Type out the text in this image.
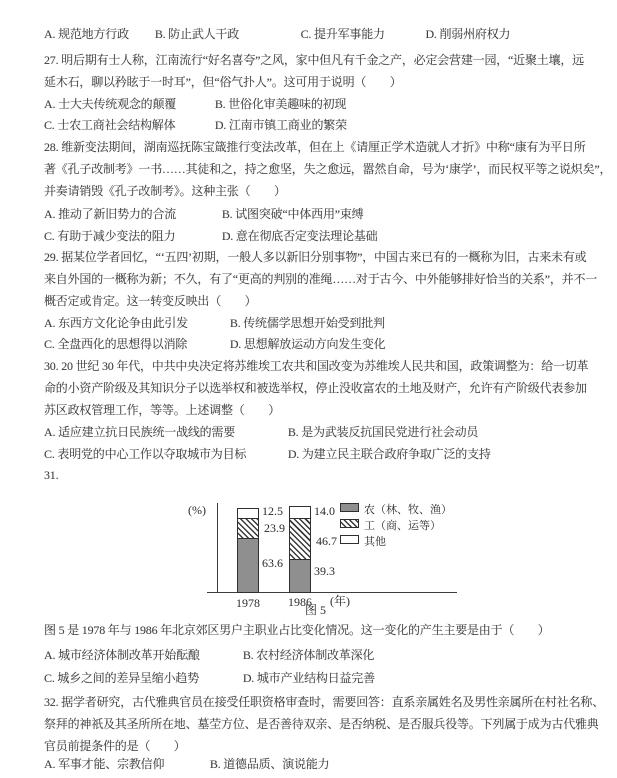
A. 规范地方行政 B. 防止武人干政	C. 提升军事能力	D. 削弱州府权力
27. 明后期有士人称，江南流行“好名喜夸”之风，家中但凡有千金之产，必定会营建一园，“近聚土壤，远
延木石，聊以矜眩于一时耳”，但“俗气扑人”。这可用于说明（　　）
A. 士大夫传统观念的颠覆	B. 世俗化审美趣味的初现
C. 士农工商社会结构解体	D. 江南市镇工商业的繁荣
28. 维新变法期间，湖南巡抚陈宝箴推行变法改革，但在上《请厘正学术造就人才折》中称“康有为平日所
著《孔子改制考》一书……其徒和之，持之愈坚，失之愈远，嚣然自命，号为‘康学’，而民权平等之说炽矣”，
并奏请销毁《孔子改制考》。这种主张（　　）
A. 推动了新旧势力的合流	B. 试图突破“中体西用”束缚
C. 有助于减少变法的阻力	D. 意在彻底否定变法理论基础
29. 据某位学者回忆，“‘五四’初期，一般人多以新旧分别事物”，中国古来已有的一概称为旧，古来未有或
来自外国的一概称为新；不久，有了“更高的判别的准绳……对于古今、中外能够排好恰当的关系”，并不一
概否定或肯定。这一转变反映出（　　）
A. 东西方文化论争由此引发	B. 传统儒学思想开始受到批判
C. 全盘西化的思想得以消除	D. 思想解放运动方向发生变化
30. 20 世纪 30 年代，中共中央决定将苏维埃工农共和国改变为苏维埃人民共和国，政策调整为：给一切革
命的小资产阶级及其知识分子以选举权和被选举权，停止没收富农的土地及财产，允许有产阶级代表参加
苏区政权管理工作，等等。上述调整（　　）
A. 适应建立抗日民族统一战线的需要	B. 是为武装反抗国民党进行社会动员
C. 表明党的中心工作以夺取城市为目标	D. 为建立民主联合政府争取广泛的支持
31.
(%)	12.5
23.9
63.6
14.0
46.7
39.3
1978 1986 (年)
农（林、牧、渔）
工（商、运等）
其他
图 5
图 5 是 1978 年与 1986 年北京郊区男户主职业占比变化情况。这一变化的产生主要是由于（　　）
A. 城市经济体制改革开始酝酿	B. 农村经济体制改革深化
C. 城乡之间的差异呈缩小趋势	D. 城市产业结构日益完善
32. 据学者研究，古代雅典官员在接受任职资格审查时，需要回答：直系亲属姓名及男性亲属所在村社名称、
祭拜的神祇及其圣所所在地、墓茔方位、是否善待双亲、是否纳税、是否服兵役等。下列属于成为古代雅典
官员前提条件的是（　　）
A. 军事才能、宗教信仰	B. 道德品质、演说能力
